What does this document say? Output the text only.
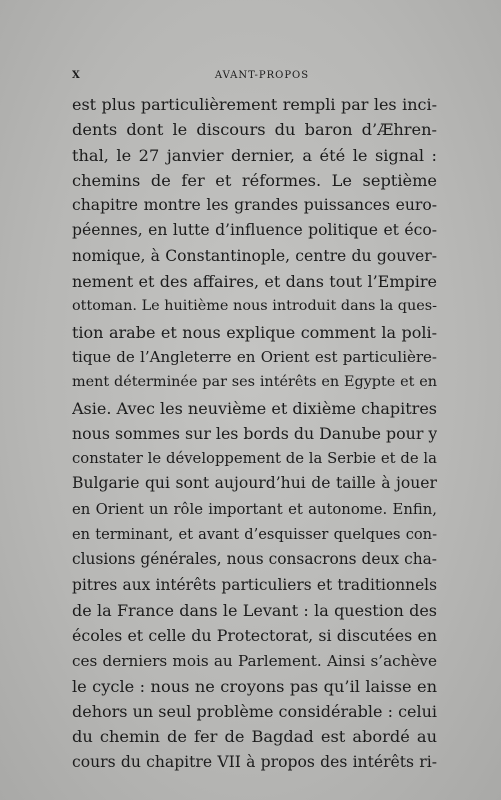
X	AVANT-PROPOS
est plus particulièrement rempli par les inci-
dents dont le discours du baron d’Æhren-
thal, le 27 janvier dernier, a été le signal :
chemins de fer et réformes. Le septième
chapitre montre les grandes puissances euro-
péennes, en lutte d’influence politique et éco-
nomique, à Constantinople, centre du gouver-
nement et des affaires, et dans tout l’Empire
ottoman. Le huitième nous introduit dans la ques-
tion arabe et nous explique comment la poli-
tique de l’Angleterre en Orient est particulière-
ment déterminée par ses intérêts en Egypte et en
Asie. Avec les neuvième et dixième chapitres
nous sommes sur les bords du Danube pour y
constater le développement de la Serbie et de la
Bulgarie qui sont aujourd’hui de taille à jouer
en Orient un rôle important et autonome. Enfin,
en terminant, et avant d’esquisser quelques con-
clusions générales, nous consacrons deux cha-
pitres aux intérêts particuliers et traditionnels
de la France dans le Levant : la question des
écoles et celle du Protectorat, si discutées en
ces derniers mois au Parlement. Ainsi s’achève
le cycle : nous ne croyons pas qu’il laisse en
dehors un seul problème considérable : celui
du chemin de fer de Bagdad est abordé au
cours du chapitre VII à propos des intérêts ri-
